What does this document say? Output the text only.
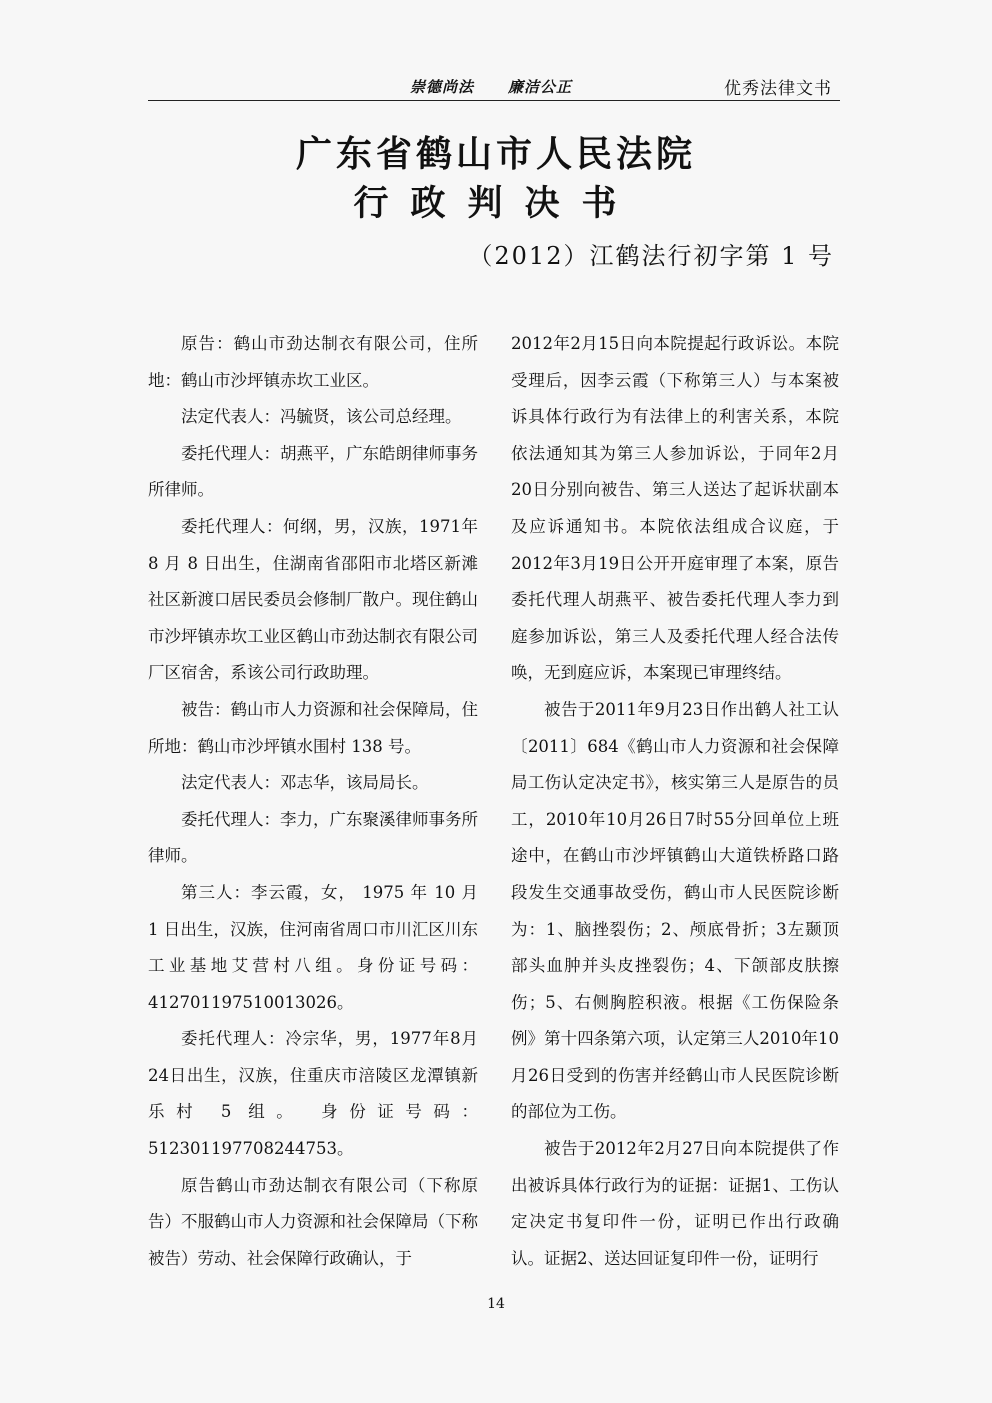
崇德尚法 廉洁公正	优秀法律文书
广东省鹤山市人民法院
行政判决书
（2012）江鹤法行初字第 1 号

原告：鹤山市劲达制衣有限公司，住所地：鹤山市沙坪镇赤坎工业区。

法定代表人：冯毓贤，该公司总经理。

委托代理人：胡燕平，广东皓朗律师事务所律师。

委托代理人：何纲，男，汉族，1971年 8 月 8 日出生，住湖南省邵阳市北塔区新滩社区新渡口居民委员会修制厂散户。现住鹤山市沙坪镇赤坎工业区鹤山市劲达制衣有限公司厂区宿舍，系该公司行政助理。

被告：鹤山市人力资源和社会保障局，住所地：鹤山市沙坪镇水围村 138 号。

法定代表人：邓志华，该局局长。

委托代理人：李力，广东聚溪律师事务所律师。

第三人：李云霞，女， 1975 年 10 月 1 日出生，汉族，住河南省周口市川汇区川东工业基地艾营村八组。身份证号码：412701197510013026。

委托代理人：冷宗华，男，1977年8月24日出生，汉族，住重庆市涪陵区龙潭镇新乐村 5 组。 身份证号码：512301197708244753。

原告鹤山市劲达制衣有限公司（下称原告）不服鹤山市人力资源和社会保障局（下称被告）劳动、社会保障行政确认，于

2012年2月15日向本院提起行政诉讼。本院受理后，因李云霞（下称第三人）与本案被诉具体行政行为有法律上的利害关系，本院依法通知其为第三人参加诉讼，于同年2月20日分别向被告、第三人送达了起诉状副本及应诉通知书。本院依法组成合议庭，于2012年3月19日公开开庭审理了本案，原告委托代理人胡燕平、被告委托代理人李力到庭参加诉讼，第三人及委托代理人经合法传唤，无到庭应诉，本案现已审理终结。

被告于2011年9月23日作出鹤人社工认〔2011〕684《鹤山市人力资源和社会保障局工伤认定决定书》，核实第三人是原告的员工，2010年10月26日7时55分回单位上班途中，在鹤山市沙坪镇鹤山大道铁桥路口路段发生交通事故受伤，鹤山市人民医院诊断为：1、脑挫裂伤；2、颅底骨折；3左颞顶部头血肿并头皮挫裂伤；4、下颌部皮肤擦伤；5、右侧胸腔积液。根据《工伤保险条例》第十四条第六项，认定第三人2010年10月26日受到的伤害并经鹤山市人民医院诊断的部位为工伤。

被告于2012年2月27日向本院提供了作出被诉具体行政行为的证据：证据1、工伤认定决定书复印件一份，证明已作出行政确认。证据2、送达回证复印件一份，证明行

14
